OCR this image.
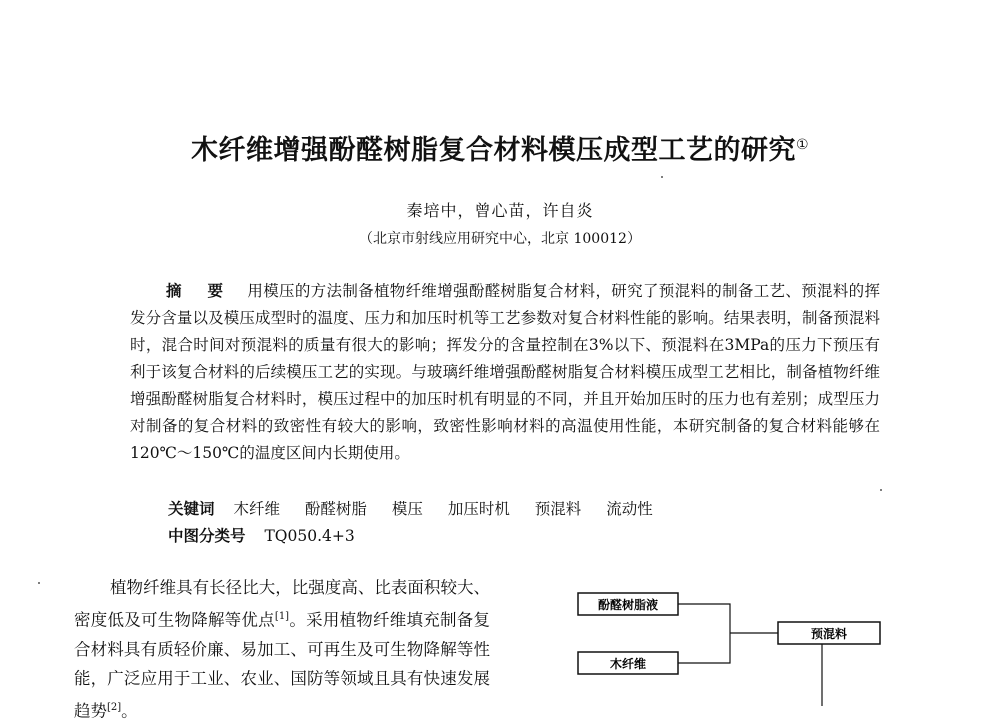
木纤维增强酚醛树脂复合材料模压成型工艺的研究①
秦培中，曾心苗，许自炎
（北京市射线应用研究中心，北京 100012）
摘 要 用模压的方法制备植物纤维增强酚醛树脂复合材料，研究了预混料的制备工艺、预混料的挥发分含量以及模压成型时的温度、压力和加压时机等工艺参数对复合材料性能的影响。结果表明，制备预混料时，混合时间对预混料的质量有很大的影响；挥发分的含量控制在3%以下、预混料在3MPa的压力下预压有利于该复合材料的后续模压工艺的实现。与玻璃纤维增强酚醛树脂复合材料模压成型工艺相比，制备植物纤维增强酚醛树脂复合材料时，模压过程中的加压时机有明显的不同，并且开始加压时的压力也有差别；成型压力对制备的复合材料的致密性有较大的影响，致密性影响材料的高温使用性能，本研究制备的复合材料能够在120℃～150℃的温度区间内长期使用。
关键词 木纤维 酚醛树脂 模压 加压时机 预混料 流动性
中图分类号 TQ050.4+3
植物纤维具有长径比大，比强度高、比表面积较大、密度低及可生物降解等优点[1]。采用植物纤维填充制备复合材料具有质轻价廉、易加工、可再生及可生物降解等性能，广泛应用于工业、农业、国防等领域且具有快速发展趋势[2]。
酚醛树脂液
木纤维
预混料
